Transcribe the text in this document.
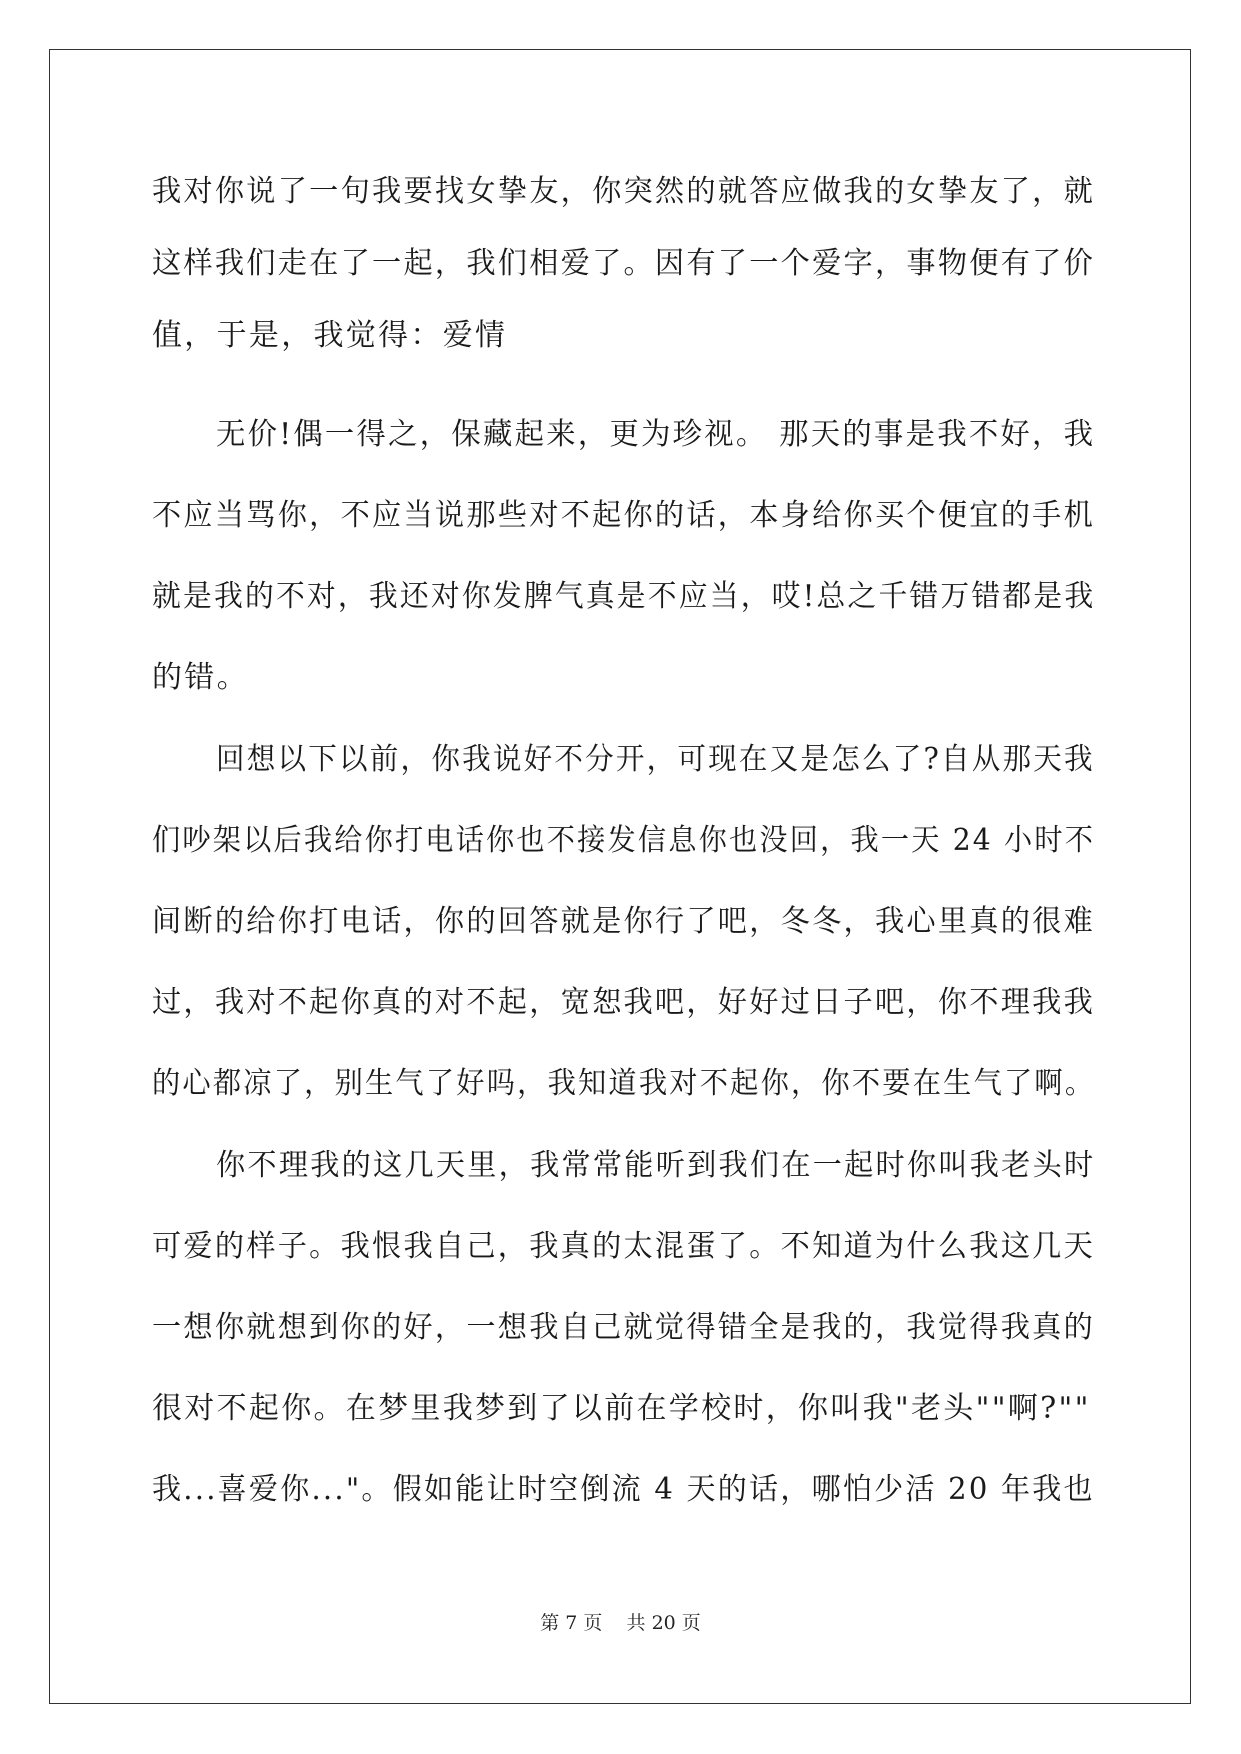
我对你说了一句我要找女挚友，你突然的就答应做我的女挚友了，就
这样我们走在了一起，我们相爱了。因有了一个爱字，事物便有了价
值，于是，我觉得：爱情
无价!偶一得之，保藏起来，更为珍视。 那天的事是我不好，我
不应当骂你，不应当说那些对不起你的话，本身给你买个便宜的手机
就是我的不对，我还对你发脾气真是不应当，哎!总之千错万错都是我
的错。
回想以下以前，你我说好不分开，可现在又是怎么了?自从那天我
们吵架以后我给你打电话你也不接发信息你也没回，我一天 24 小时不
间断的给你打电话，你的回答就是你行了吧，冬冬，我心里真的很难
过，我对不起你真的对不起，宽恕我吧，好好过日子吧，你不理我我
的心都凉了，别生气了好吗，我知道我对不起你，你不要在生气了啊。
你不理我的这几天里，我常常能听到我们在一起时你叫我老头时
可爱的样子。我恨我自己，我真的太混蛋了。不知道为什么我这几天
一想你就想到你的好，一想我自己就觉得错全是我的，我觉得我真的
很对不起你。在梦里我梦到了以前在学校时，你叫我"老头""啊?""
我...喜爱你..."。假如能让时空倒流 4 天的话，哪怕少活 20 年我也
第 7 页 共 20 页
